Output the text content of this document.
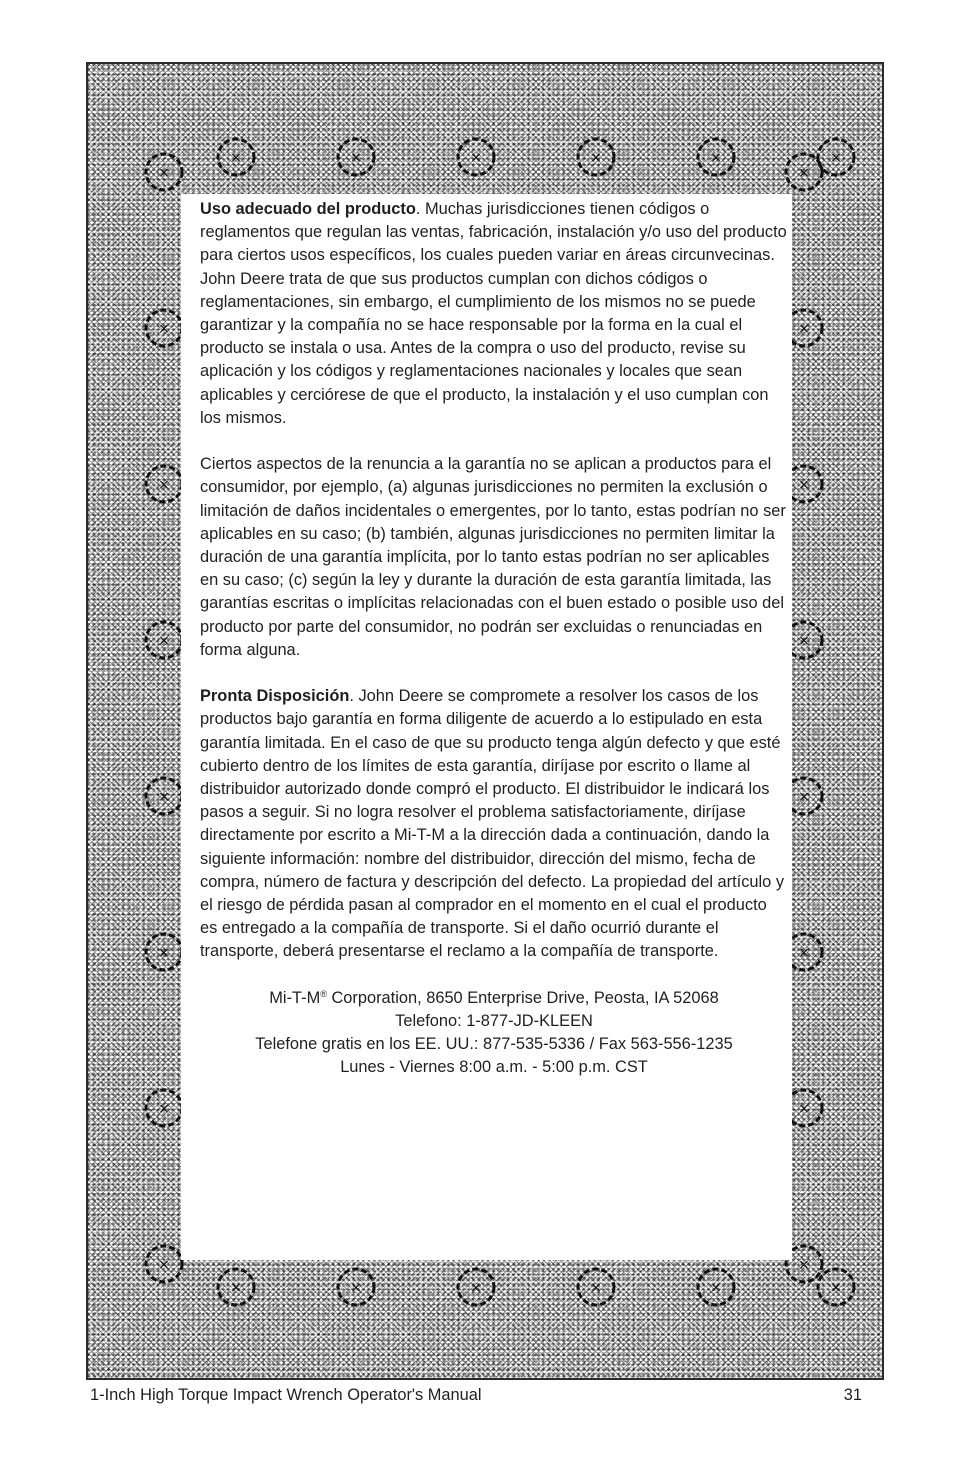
×	×
×	×
×	×
×	×
×	×
×	×
×	×
×	×
×
×
×
×
×
×
×
×
×
×
×
×

Uso adecuado del producto. Muchas jurisdicciones tienen códigos o reglamentos que regulan las ventas, fabricación, instalación y/o uso del producto para ciertos usos específicos, los cuales pueden variar en áreas circunvecinas. John Deere trata de que sus productos cumplan con dichos códigos o reglamentaciones, sin embargo, el cumplimiento de los mismos no se puede garantizar y la compañía no se hace responsable por la forma en la cual el producto se instala o usa. Antes de la compra o uso del producto, revise su aplicación y los códigos y reglamentaciones nacionales y locales que sean aplicables y cerciórese de que el producto, la instalación y el uso cumplan con los mismos.

Ciertos aspectos de la renuncia a la garantía no se aplican a productos para el consumidor, por ejemplo, (a) algunas jurisdicciones no permiten la exclusión o limitación de daños incidentales o emergentes, por lo tanto, estas podrían no ser aplicables en su caso; (b) también, algunas jurisdicciones no permiten limitar la duración de una garantía implícita, por lo tanto estas podrían no ser aplicables en su caso; (c) según la ley y durante la duración de esta garantía limitada, las garantías escritas o implícitas relacionadas con el buen estado o posible uso del producto por parte del consumidor, no podrán ser excluidas o renunciadas en forma alguna.

Pronta Disposición. John Deere se compromete a resolver los casos de los productos bajo garantía en forma diligente de acuerdo a lo estipulado en esta garantía limitada. En el caso de que su producto tenga algún defecto y que esté cubierto dentro de los límites de esta garantía, diríjase por escrito o llame al distribuidor autorizado donde compró el producto. El distribuidor le indicará los pasos a seguir. Si no logra resolver el problema satisfactoriamente, diríjase directamente por escrito a Mi-T-M a la dirección dada a continuación, dando la siguiente información: nombre del distribuidor, dirección del mismo, fecha de compra, número de factura y descripción del defecto. La propiedad del artículo y el riesgo de pérdida pasan al comprador en el momento en el cual el producto es entregado a la compañía de transporte. Si el daño ocurrió durante el transporte, deberá presentarse el reclamo a la compañía de transporte.

Mi-T-M® Corporation, 8650 Enterprise Drive, Peosta, IA 52068
Telefono: 1-877-JD-KLEEN
Telefone gratis en los EE. UU.: 877-535-5336 / Fax 563-556-1235
Lunes - Viernes 8:00 a.m. - 5:00 p.m. CST
1-Inch High Torque Impact Wrench Operator's Manual	31
